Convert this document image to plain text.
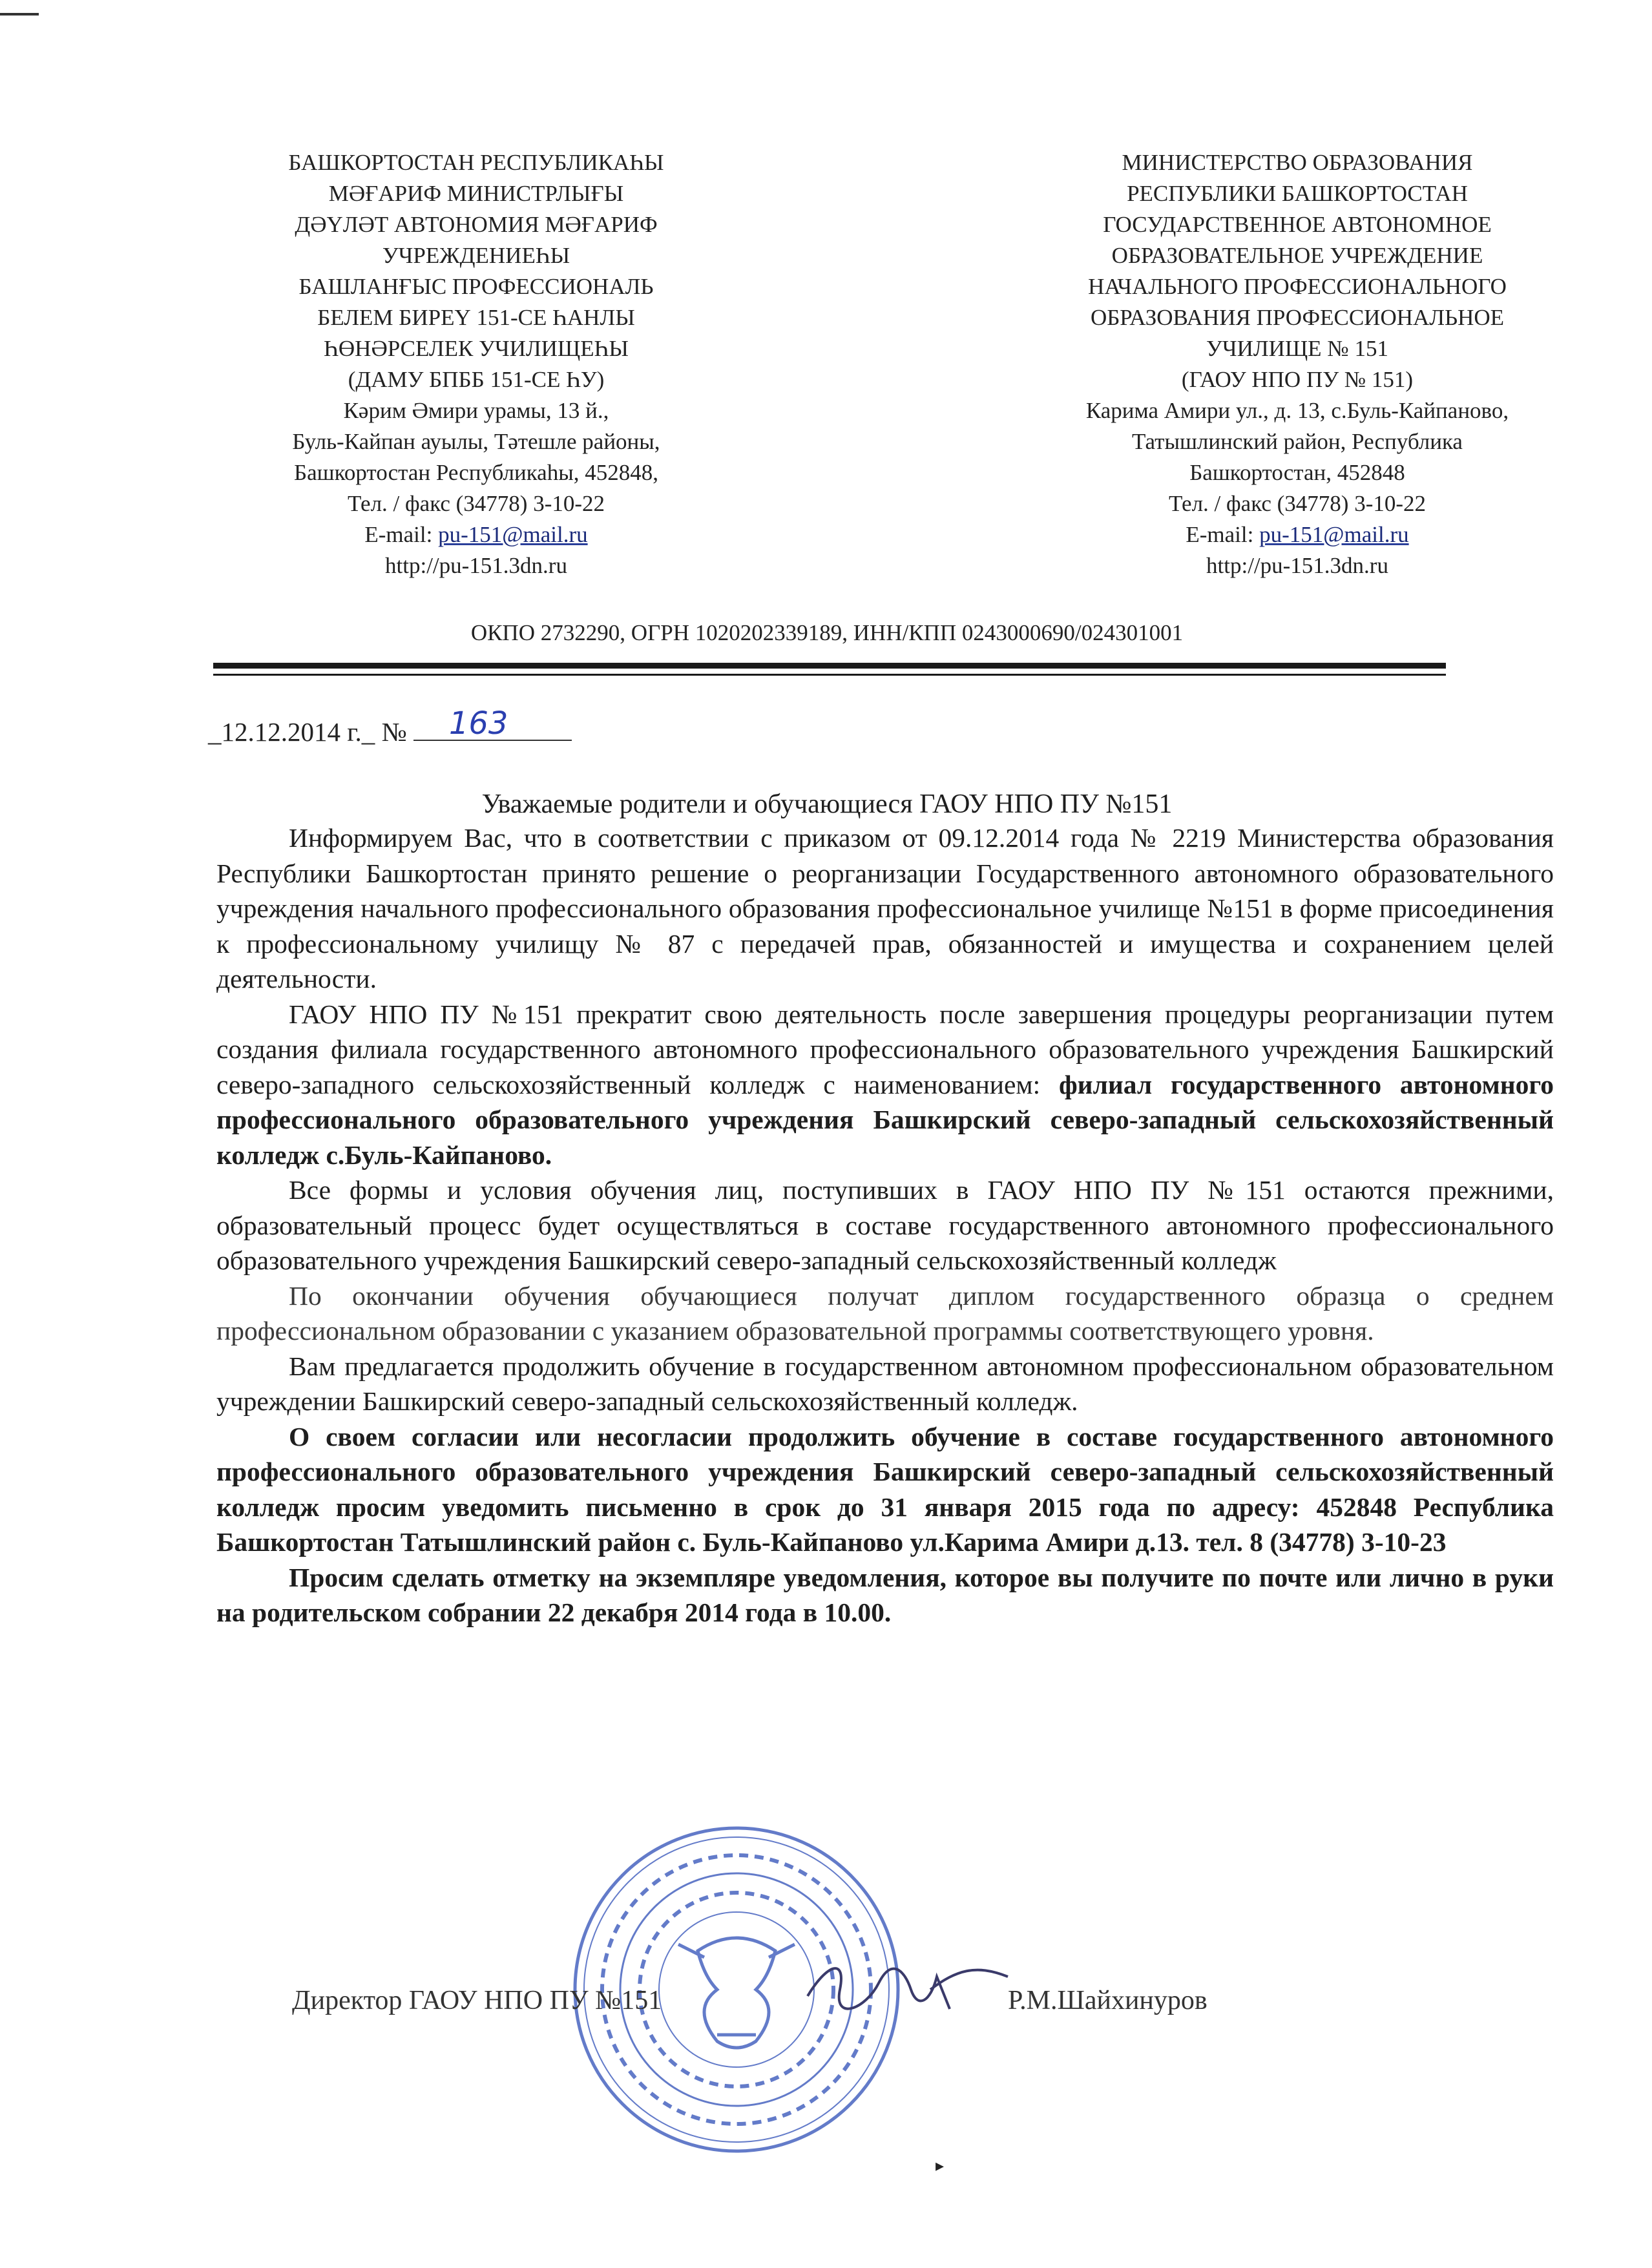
БАШКОРТОСТАН РЕСПУБЛИКАҺЫ
МӘҒАРИФ МИНИСТРЛЫҒЫ
ДӘҮЛӘТ АВТОНОМИЯ МӘҒАРИФ
УЧРЕЖДЕНИЕҺЫ
БАШЛАНҒЫС ПРОФЕССИОНАЛЬ
БЕЛЕМ БИРЕҮ 151-СЕ ҺАНЛЫ
ҺӨНӘРСЕЛЕК УЧИЛИЩЕҺЫ
(ДАМУ БПББ 151-СЕ ҺУ)
Кәрим Әмири урамы, 13 й.,
Буль-Кайпан ауылы, Тәтешле районы,
Башкортостан Республикаһы, 452848,
Тел. / факс (34778) 3-10-22
E-mail: pu-151@mail.ru
http://pu-151.3dn.ru
МИНИСТЕРСТВО ОБРАЗОВАНИЯ
РЕСПУБЛИКИ БАШКОРТОСТАН
ГОСУДАРСТВЕННОЕ АВТОНОМНОЕ
ОБРАЗОВАТЕЛЬНОЕ УЧРЕЖДЕНИЕ
НАЧАЛЬНОГО ПРОФЕССИОНАЛЬНОГО
ОБРАЗОВАНИЯ ПРОФЕССИОНАЛЬНОЕ
УЧИЛИЩЕ № 151
(ГАОУ НПО ПУ № 151)
Карима Амири ул., д. 13, с.Буль-Кайпаново,
Татышлинский район, Республика
Башкортостан, 452848
Тел. / факс (34778) 3-10-22
E-mail: pu-151@mail.ru
http://pu-151.3dn.ru
ОКПО 2732290, ОГРН 1020202339189, ИНН/КПП 0243000690/024301001
_12.12.2014 г._ № 163
Уважаемые родители и обучающиеся ГАОУ НПО ПУ №151

Информируем Вас, что в соответствии с приказом от 09.12.2014 года № 2219 Министерства образования Республики Башкортостан принято решение о реорганизации Государственного автономного образовательного учреждения начального профессионального образования профессиональное училище №151 в форме присоединения к профессиональному училищу № 87 с передачей прав, обязанностей и имущества и сохранением целей деятельности.

ГАОУ НПО ПУ №151 прекратит свою деятельность после завершения процедуры реорганизации путем создания филиала государственного автономного профессионального образовательного учреждения Башкирский северо-западного сельскохозяйственный колледж с наименованием: филиал государственного автономного профессионального образовательного учреждения Башкирский северо-западный сельскохозяйственный колледж с.Буль-Кайпаново.

Все формы и условия обучения лиц, поступивших в ГАОУ НПО ПУ №151 остаются прежними, образовательный процесс будет осуществляться в составе государственного автономного профессионального образовательного учреждения Башкирский северо-западный сельскохозяйственный колледж

По окончании обучения обучающиеся получат диплом государственного образца о среднем профессиональном образовании с указанием образовательной программы соответствующего уровня.

Вам предлагается продолжить обучение в государственном автономном профессиональном образовательном учреждении Башкирский северо-западный сельскохозяйственный колледж.

О своем согласии или несогласии продолжить обучение в составе государственного автономного профессионального образовательного учреждения Башкирский северо-западный сельскохозяйственный колледж просим уведомить письменно в срок до 31 января 2015 года по адресу: 452848 Республика Башкортостан Татышлинский район с. Буль-Кайпаново ул.Карима Амири д.13. тел. 8 (34778) 3-10-23

Просим сделать отметку на экземпляре уведомления, которое вы получите по почте или лично в руки на родительском собрании 22 декабря 2014 года в 10.00.

Директор ГАОУ НПО ПУ №151	Р.М.Шайхинуров
▸
